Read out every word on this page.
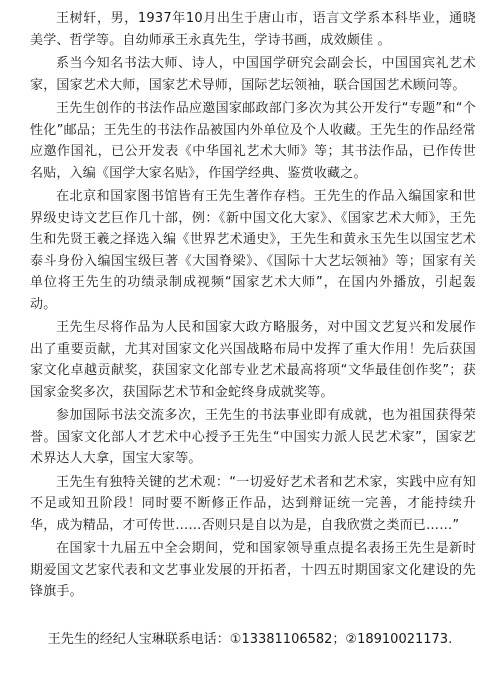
王树轩，男，1937年10月出生于唐山市，语言文学系本科毕业，通晓美学、哲学等。自幼师承王永真先生，学诗书画，成效颇佳 。

系当今知名书法大师、诗人，中国国学研究会副会长，中国国宾礼艺术家，国家艺术大师，国家艺术导师，国际艺坛领袖，联合国国艺术顾问等。

王先生创作的书法作品应邀国家邮政部门多次为其公开发行“专题”和“个性化”邮品；王先生的书法作品被国内外单位及个人收藏。王先生的作品经常应邀作国礼，已公开发表《中华国礼艺术大师》等；其书法作品，已作传世名贴，入编《国学大家名贴》，作国学经典、鉴赏收藏之。

在北京和国家图书馆皆有王先生著作存档。王先生的作品入编国家和世界级史诗文艺巨作几十部，例：《新中国文化大家》、《国家艺术大师》，王先生和先贤王羲之择选入编《世界艺术通史》，王先生和黄永玉先生以国宝艺术泰斗身份入编国宝级巨著《大国脊梁》、《国际十大艺坛领袖》等；国家有关单位将王先生的功绩录制成视频“国家艺术大师”，在国内外播放，引起轰动。

王先生尽将作品为人民和国家大政方略服务，对中国文艺复兴和发展作出了重要贡献，尤其对国家文化兴国战略布局中发挥了重大作用！先后获国家文化卓越贡献奖，获国家文化部专业艺术最高将项“文华最佳创作奖”；获国家金奖多次，获国际艺术节和金蛇终身成就奖等。

参加国际书法交流多次，王先生的书法事业即有成就，也为祖国获得荣誉。国家文化部人才艺术中心授予王先生“中国实力派人民艺术家”，国家艺术界达人大拿，国宝大家等。

王先生有独特关键的艺术观：“一切爱好艺术者和艺术家，实践中应有知不足或知丑阶段！同时要不断修正作品，达到辩证统一完善，才能持续升华，成为精品，才可传世……否则只是自以为是，自我欣赏之类而已……”

在国家十九届五中全会期间，党和国家领导重点提名表扬王先生是新时期爱国文艺家代表和文艺事业发展的开拓者，十四五时期国家文化建设的先锋旗手。

王先生的经纪人宝琳联系电话：①13381106582；②18910021173.
